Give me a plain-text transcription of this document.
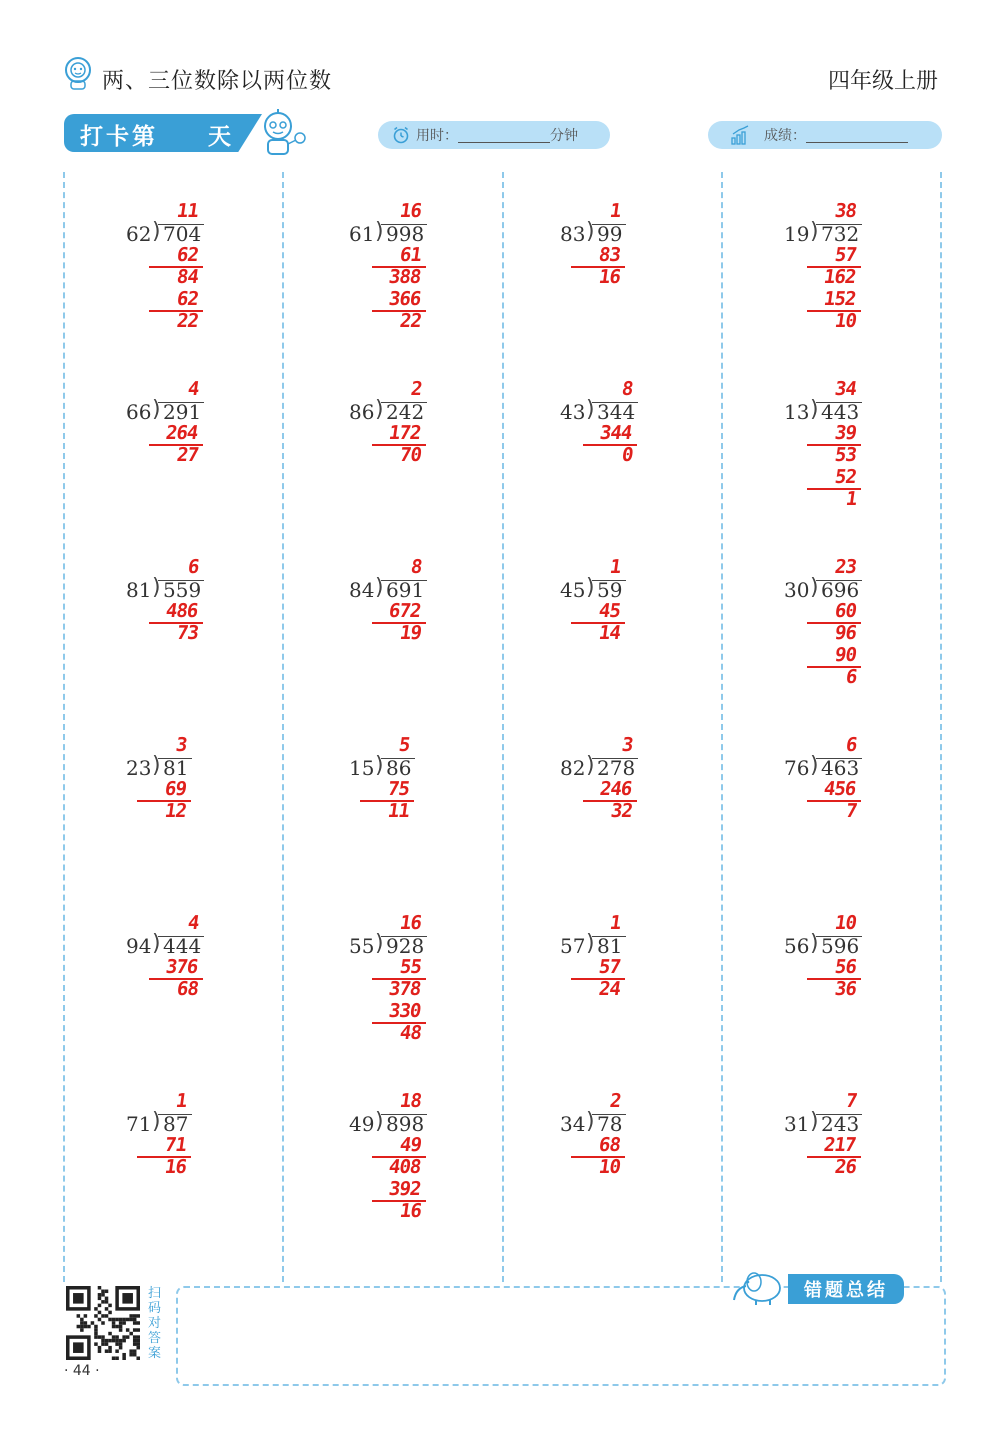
两、三位数除以两位数	四年级上册
打卡第 天	用时：	分钟	成绩：
62 ) 704
11
62
84
62
22
61 ) 998
16
61
388
366
22
83 ) 99
1
83
16
19 ) 732
38
57
162
152
10
66 ) 291
4
264
27
86 ) 242
2
172
70
43 ) 344
8
344
0
13 ) 443
34
39
53
52
1
81 ) 559
6
486
73
84 ) 691
8
672
19
45 ) 59
1
45
14
30 ) 696
23
60
96
90
6
23 ) 81
3
69
12
15 ) 86
5
75
11
82 ) 278
3
246
32
76 ) 463
6
456
7
94 ) 444
4
376
68
55 ) 928
16
55
378
330
48
57 ) 81
1
57
24
56 ) 596
10
56
36
71 ) 87
1
71
16
49 ) 898
18
49
408
392
16
34 ) 78
2
68
10
31 ) 243
7
217
26
扫码对答案
· 44 ·
错题总结
